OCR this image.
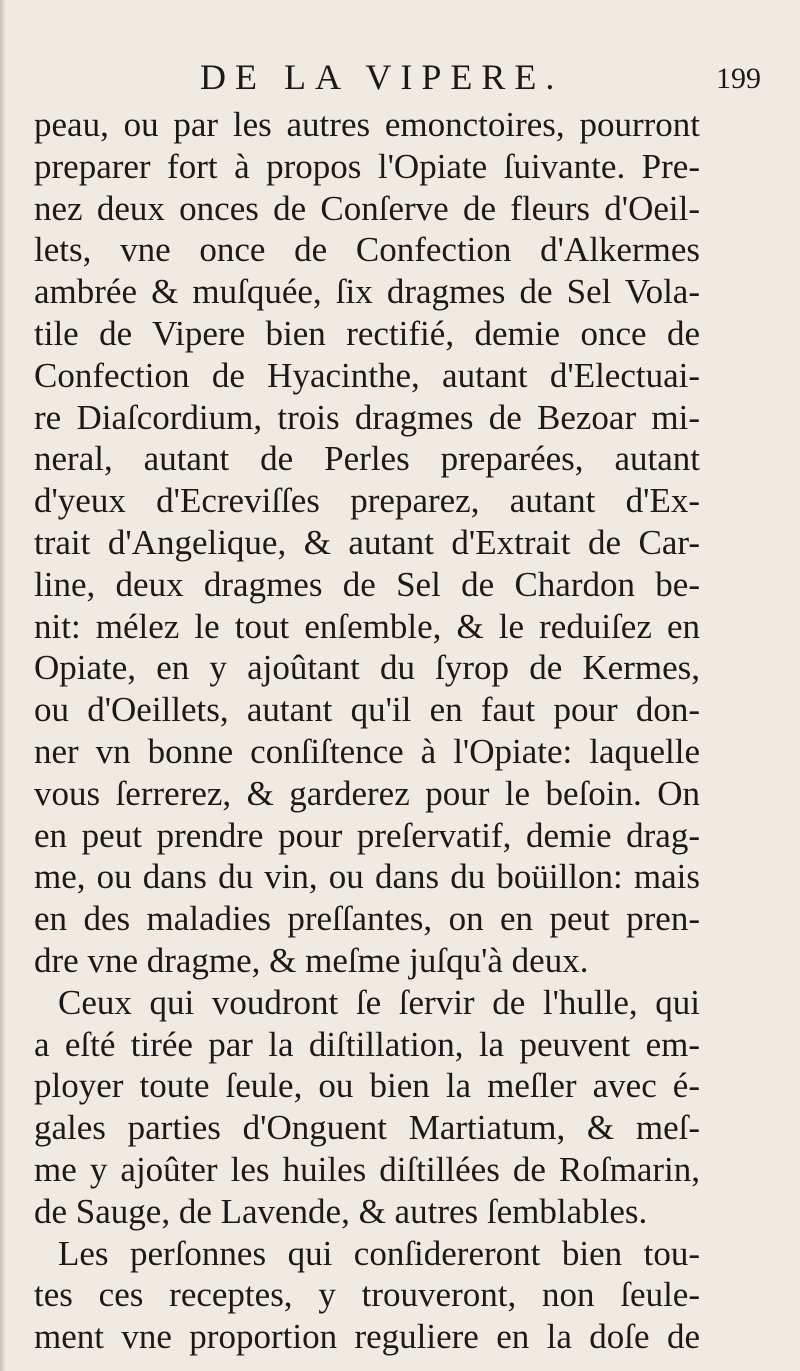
DE LA VIPERE.	199
peau, ou par les autres emonctoires, pourront
preparer fort à propos l'Opiate ſuivante. Pre-
nez deux onces de Conſerve de fleurs d'Oeil-
lets, vne once de Confection d'Alkermes
ambrée & muſquée, ſix dragmes de Sel Vola-
tile de Vipere bien rectifié, demie once de
Confection de Hyacinthe, autant d'Electuai-
re Diaſcordium, trois dragmes de Bezoar mi-
neral, autant de Perles preparées, autant
d'yeux d'Ecreviſſes preparez, autant d'Ex-
trait d'Angelique, & autant d'Extrait de Car-
line, deux dragmes de Sel de Chardon be-
nit: mélez le tout enſemble, & le reduiſez en
Opiate, en y ajoûtant du ſyrop de Kermes,
ou d'Oeillets, autant qu'il en faut pour don-
ner vn bonne conſiſtence à l'Opiate: laquelle
vous ſerrerez, & garderez pour le beſoin. On
en peut prendre pour preſervatif, demie drag-
me, ou dans du vin, ou dans du boüillon: mais
en des maladies preſſantes, on en peut pren-
dre vne dragme, & meſme juſqu'à deux.
Ceux qui voudront ſe ſervir de l'hulle, qui
a eſté tirée par la diſtillation, la peuvent em-
ployer toute ſeule, ou bien la meſler avec é-
gales parties d'Onguent Martiatum, & meſ-
me y ajoûter les huiles diſtillées de Roſmarin,
de Sauge, de Lavende, & autres ſemblables.
Les perſonnes qui conſidereront bien tou-
tes ces receptes, y trouveront, non ſeule-
ment vne proportion reguliere en la doſe de
